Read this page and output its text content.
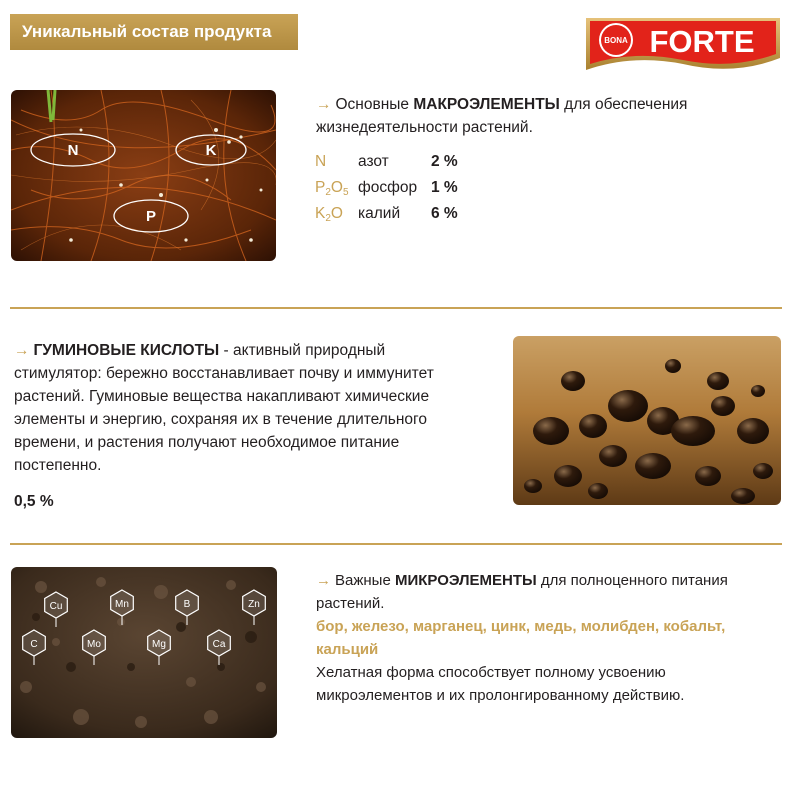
Уникальный состав продукта	BONA FORTE
N	K
P
→ Основные МАКРОЭЛЕМЕНТЫ для обеспечения
жизнедеятельности растений.
N азот	2 %
$P_2O_5$ фосфор 1 %
$K_2O$ калий 6 %
→ ГУМИНОВЫЕ КИСЛОТЫ - активный природный
стимулятор: бережно восстанавливает почву и иммунитет
растений. Гуминовые вещества накапливают химические
элементы и энергию, сохраняя их в течение длительного
времени, и растения получают необходимое питание
постепенно.
0,5 %
Cu	Mn	B	Zn
C	Mo	Mg	Ca
→ Важные МИКРОЭЛЕМЕНТЫ для полноценного питания
растений.
бор, железо, марганец, цинк, медь, молибден, кобальт,
кальций
Хелатная форма способствует полному усвоению
микроэлементов и их пролонгированному действию.
